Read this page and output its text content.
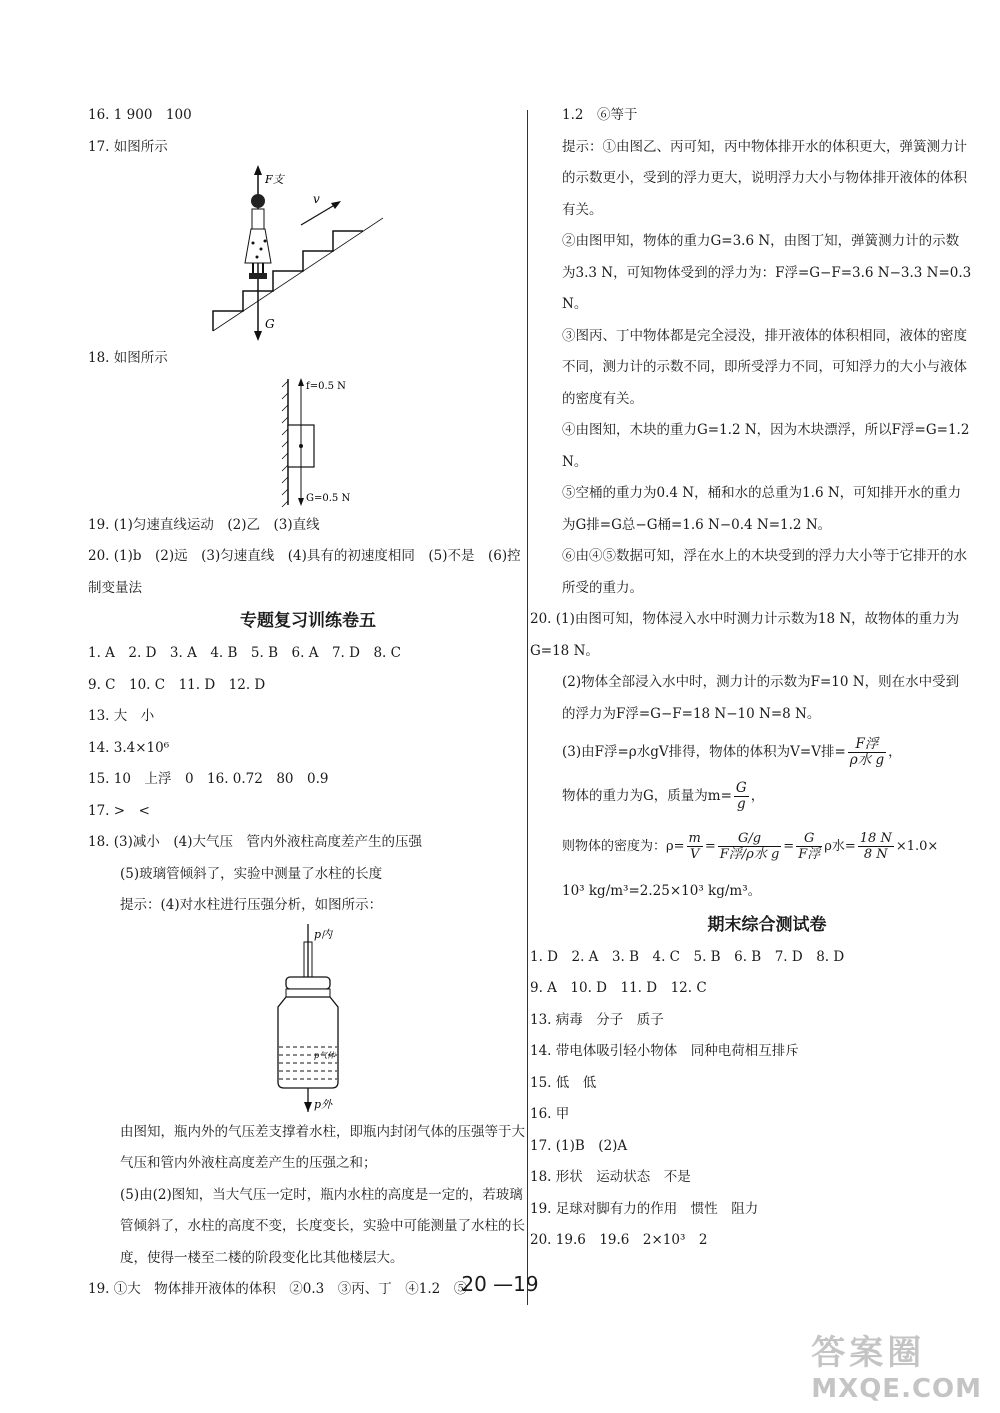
16. 1 900　100
17. 如图所示
F支
v
G
18. 如图所示
f=0.5 N
G=0.5 N
19. (1)匀速直线运动　(2)乙　(3)直线
20. (1)b　(2)远　(3)匀速直线　(4)具有的初速度相同　(5)不是　(6)控制变量法
专题复习训练卷五
1. A　2. D　3. A　4. B　5. B　6. A　7. D　8. C
9. C　10. C　11. D　12. D
13. 大　小
14. 3.4×10⁶
15. 10　上浮　0　16. 0.72　80　0.9
17. >　<
18. (3)减小　(4)大气压　管内外液柱高度差产生的压强
(5)玻璃管倾斜了，实验中测量了水柱的长度
提示：(4)对水柱进行压强分析，如图所示：
p内
p气体
p外
由图知，瓶内外的气压差支撑着水柱，即瓶内封闭气体的压强等于大气压和管内外液柱高度差产生的压强之和；
(5)由(2)图知，当大气压一定时，瓶内水柱的高度是一定的，若玻璃管倾斜了，水柱的高度不变，长度变长，实验中可能测量了水柱的长度，使得一楼至二楼的阶段变化比其他楼层大。
19. ①大　物体排开液体的体积　②0.3　③丙、丁　④1.2　⑤
1.2　⑥等于
提示：①由图乙、丙可知，丙中物体排开水的体积更大，弹簧测力计的示数更小，受到的浮力更大，说明浮力大小与物体排开液体的体积有关。
②由图甲知，物体的重力G=3.6 N，由图丁知，弹簧测力计的示数为3.3 N，可知物体受到的浮力为：F浮=G−F=3.6 N−3.3 N=0.3 N。
③图丙、丁中物体都是完全浸没，排开液体的体积相同，液体的密度不同，测力计的示数不同，即所受浮力不同，可知浮力的大小与液体的密度有关。
④由图知，木块的重力G=1.2 N，因为木块漂浮，所以F浮=G=1.2 N。
⑤空桶的重力为0.4 N，桶和水的总重为1.6 N，可知排开水的重力为G排=G总−G桶=1.6 N−0.4 N=1.2 N。
⑥由④⑤数据可知，浮在水上的木块受到的浮力大小等于它排开的水所受的重力。
20. (1)由图可知，物体浸入水中时测力计示数为18 N，故物体的重力为G=18 N。
(2)物体全部浸入水中时，测力计的示数为F=10 N，则在水中受到的浮力为F浮=G−F=18 N−10 N=8 N。
(3)由F浮=ρ水gV排得，物体的体积为V=V排= $\frac{\text{F浮}}{\text{ρ水 g}}$ ，
物体的重力为G，质量为$m= \frac{G}{g}$ ，
则物体的密度为：$\rho= \frac{m}{V} = \frac{G/g}{\text{F浮/ρ水 g}} = \frac{G}{\text{F浮}}$ ρ水= $\frac{18 N}{8 N} \times 1.0\times$
10³ kg/m³=2.25×10³ kg/m³。
期末综合测试卷
1. D　2. A　3. B　4. C　5. B　6. B　7. D　8. D
9. A　10. D　11. D　12. C
13. 病毒　分子　质子
14. 带电体吸引轻小物体　同种电荷相互排斥
15. 低　低
16. 甲
17. (1)B　(2)A
18. 形状　运动状态　不是
19. 足球对脚有力的作用　惯性　阻力
20. 19.6　19.6　2×10³　2
20 —19
答案圈
MXQE.COM
